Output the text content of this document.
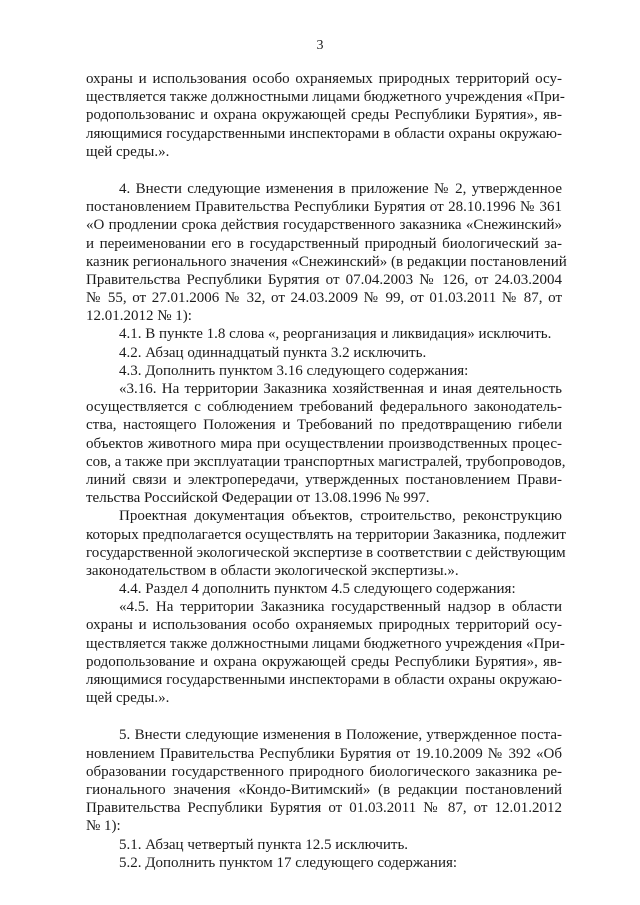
3
охраны и использования особо охраняемых природных территорий осу-
ществляется также должностными лицами бюджетного учреждения «При-
родопользованис и охрана окружающей среды Республики Бурятия», яв-
ляющимися государственными инспекторами в области охраны окружаю-
щей среды.».
4. Внести следующие изменения в приложение № 2, утвержденное
постановлением Правительства Республики Бурятия от 28.10.1996 № 361
«О продлении срока действия государственного заказника «Снежинский»
и переименовании его в государственный природный биологический за-
казник регионального значения «Снежинский» (в редакции постановлений
Правительства Республики Бурятия от 07.04.2003 № 126, от 24.03.2004
№ 55, от 27.01.2006 № 32, от 24.03.2009 № 99, от 01.03.2011 № 87, от
12.01.2012 № 1):
4.1. В пункте 1.8 слова «, реорганизация и ликвидация» исключить.
4.2. Абзац одиннадцатый пункта 3.2 исключить.
4.3. Дополнить пунктом 3.16 следующего содержания:
«3.16. На территории Заказника хозяйственная и иная деятельность
осуществляется с соблюдением требований федерального законодатель-
ства, настоящего Положения и Требований по предотвращению гибели
объектов животного мира при осуществлении производственных процес-
сов, а также при эксплуатации транспортных магистралей, трубопроводов,
линий связи и электропередачи, утвержденных постановлением Прави-
тельства Российской Федерации от 13.08.1996 № 997.
Проектная документация объектов, строительство, реконструкцию
которых предполагается осуществлять на территории Заказника, подлежит
государственной экологической экспертизе в соответствии с действующим
законодательством в области экологической экспертизы.».
4.4. Раздел 4 дополнить пунктом 4.5 следующего содержания:
«4.5. На территории Заказника государственный надзор в области
охраны и использования особо охраняемых природных территорий осу-
ществляется также должностными лицами бюджетного учреждения «При-
родопользование и охрана окружающей среды Республики Бурятия», яв-
ляющимися государственными инспекторами в области охраны окружаю-
щей среды.».
5. Внести следующие изменения в Положение, утвержденное поста-
новлением Правительства Республики Бурятия от 19.10.2009 № 392 «Об
образовании государственного природного биологического заказника ре-
гионального значения «Кондо-Витимский» (в редакции постановлений
Правительства Республики Бурятия от 01.03.2011 № 87, от 12.01.2012
№ 1):
5.1. Абзац четвертый пункта 12.5 исключить.
5.2. Дополнить пунктом 17 следующего содержания:
